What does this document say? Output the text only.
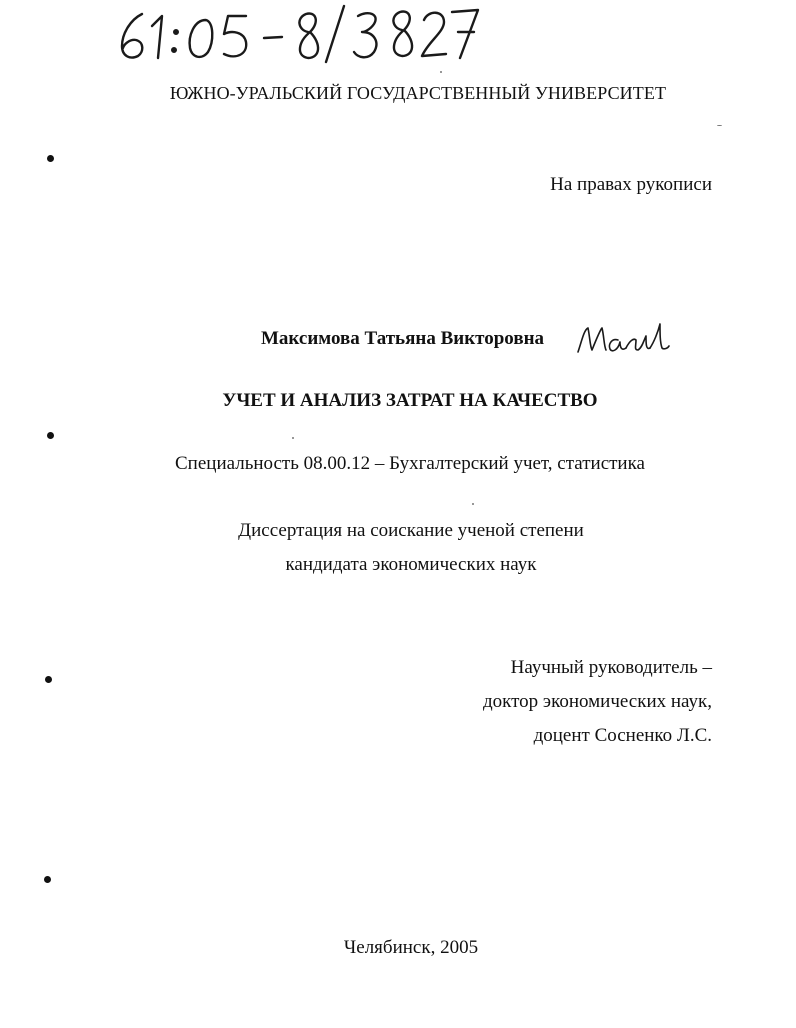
ЮЖНО-УРАЛЬСКИЙ ГОСУДАРСТВЕННЫЙ УНИВЕРСИТЕТ
На правах рукописи
Максимова Татьяна Викторовна
УЧЕТ И АНАЛИЗ ЗАТРАТ НА КАЧЕСТВО
Специальность 08.00.12 – Бухгалтерский учет, статистика
Диссертация на соискание ученой степени
кандидата экономических наук
Научный руководитель –
доктор экономических наук,
доцент Сосненко Л.С.
Челябинск, 2005
